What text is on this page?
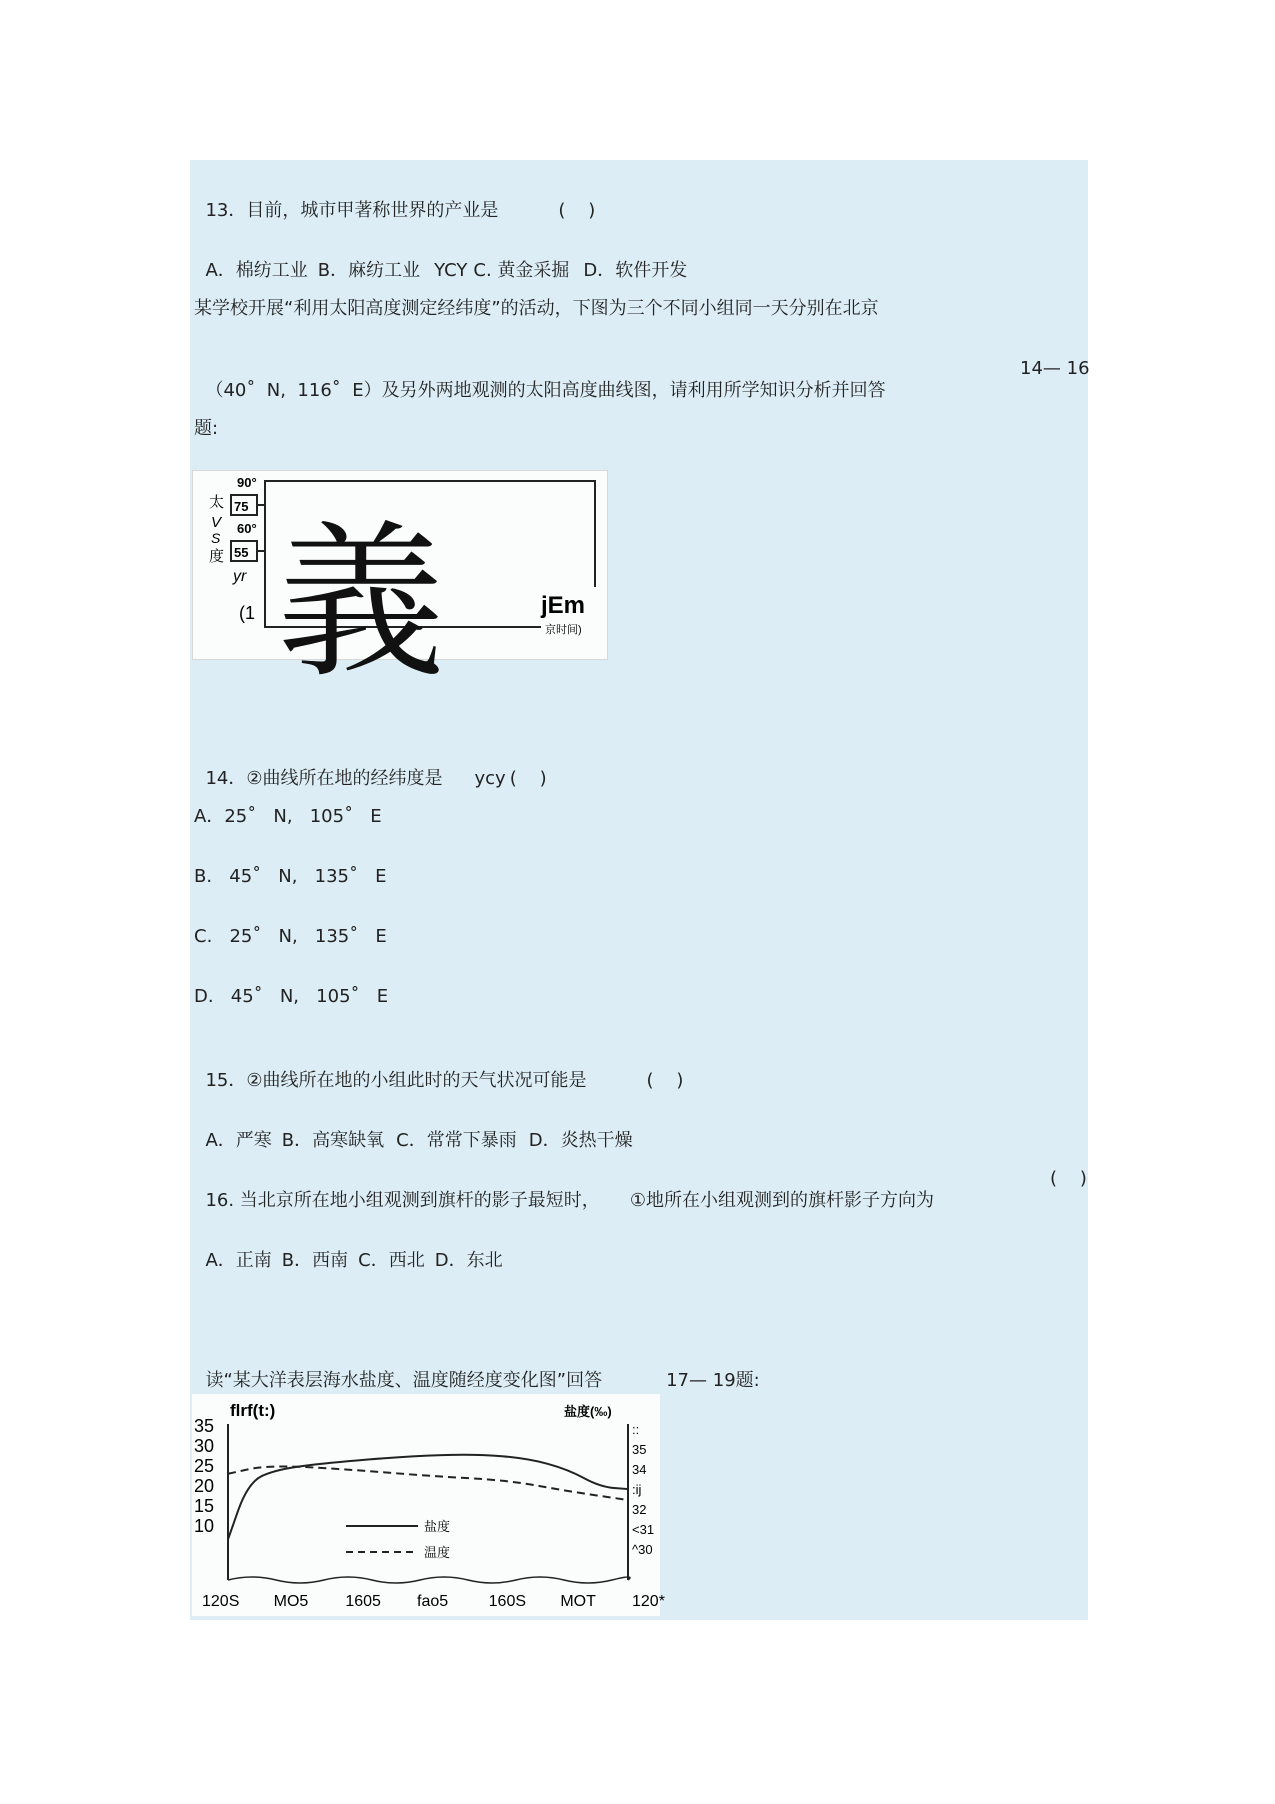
13．目前，城市甲著称世界的产业是	(    )

A．棉纺工业 B．麻纺工业 YCY C. 黄金采掘 D．软件开发

某学校开展“利用太阳高度测定经纬度”的活动，下图为三个不同小组同一天分别在北京

（40˚  N,  116˚  E）及另外两地观测的太阳高度曲线图，请利用所学知识分析并回答

14— 16
题:
90°
75
60°
55
太
V
S
度
yr
(1 義	jEm
京时间)

14．②曲线所在地的经纬度是 ycy (    )

A．25˚   N,   105˚   E
B.   45˚   N,   135˚   E
C.   25˚   N,   135˚   E
D.   45˚   N,   105˚   E

15．②曲线所在地的小组此时的天气状况可能是	(    )

A．严寒 B．高寒缺氧 C．常常下暴雨 D．炎热干燥

16. 当北京所在地小组观测到旗杆的影子最短时， ①地所在小组观测到的旗杆影子方向为

(    )

A．正南 B．西南 C．西北 D．东北

读“某大洋表层海水盐度、温度随经度变化图”回答	17— 19题:

flrf(t:)	盐度(‰)
盐度
温度
35
30
25
20
15
10
::
35
34
:ij
32
<31
^30
120S MO5 1605 fao5	160S MOT 120*
